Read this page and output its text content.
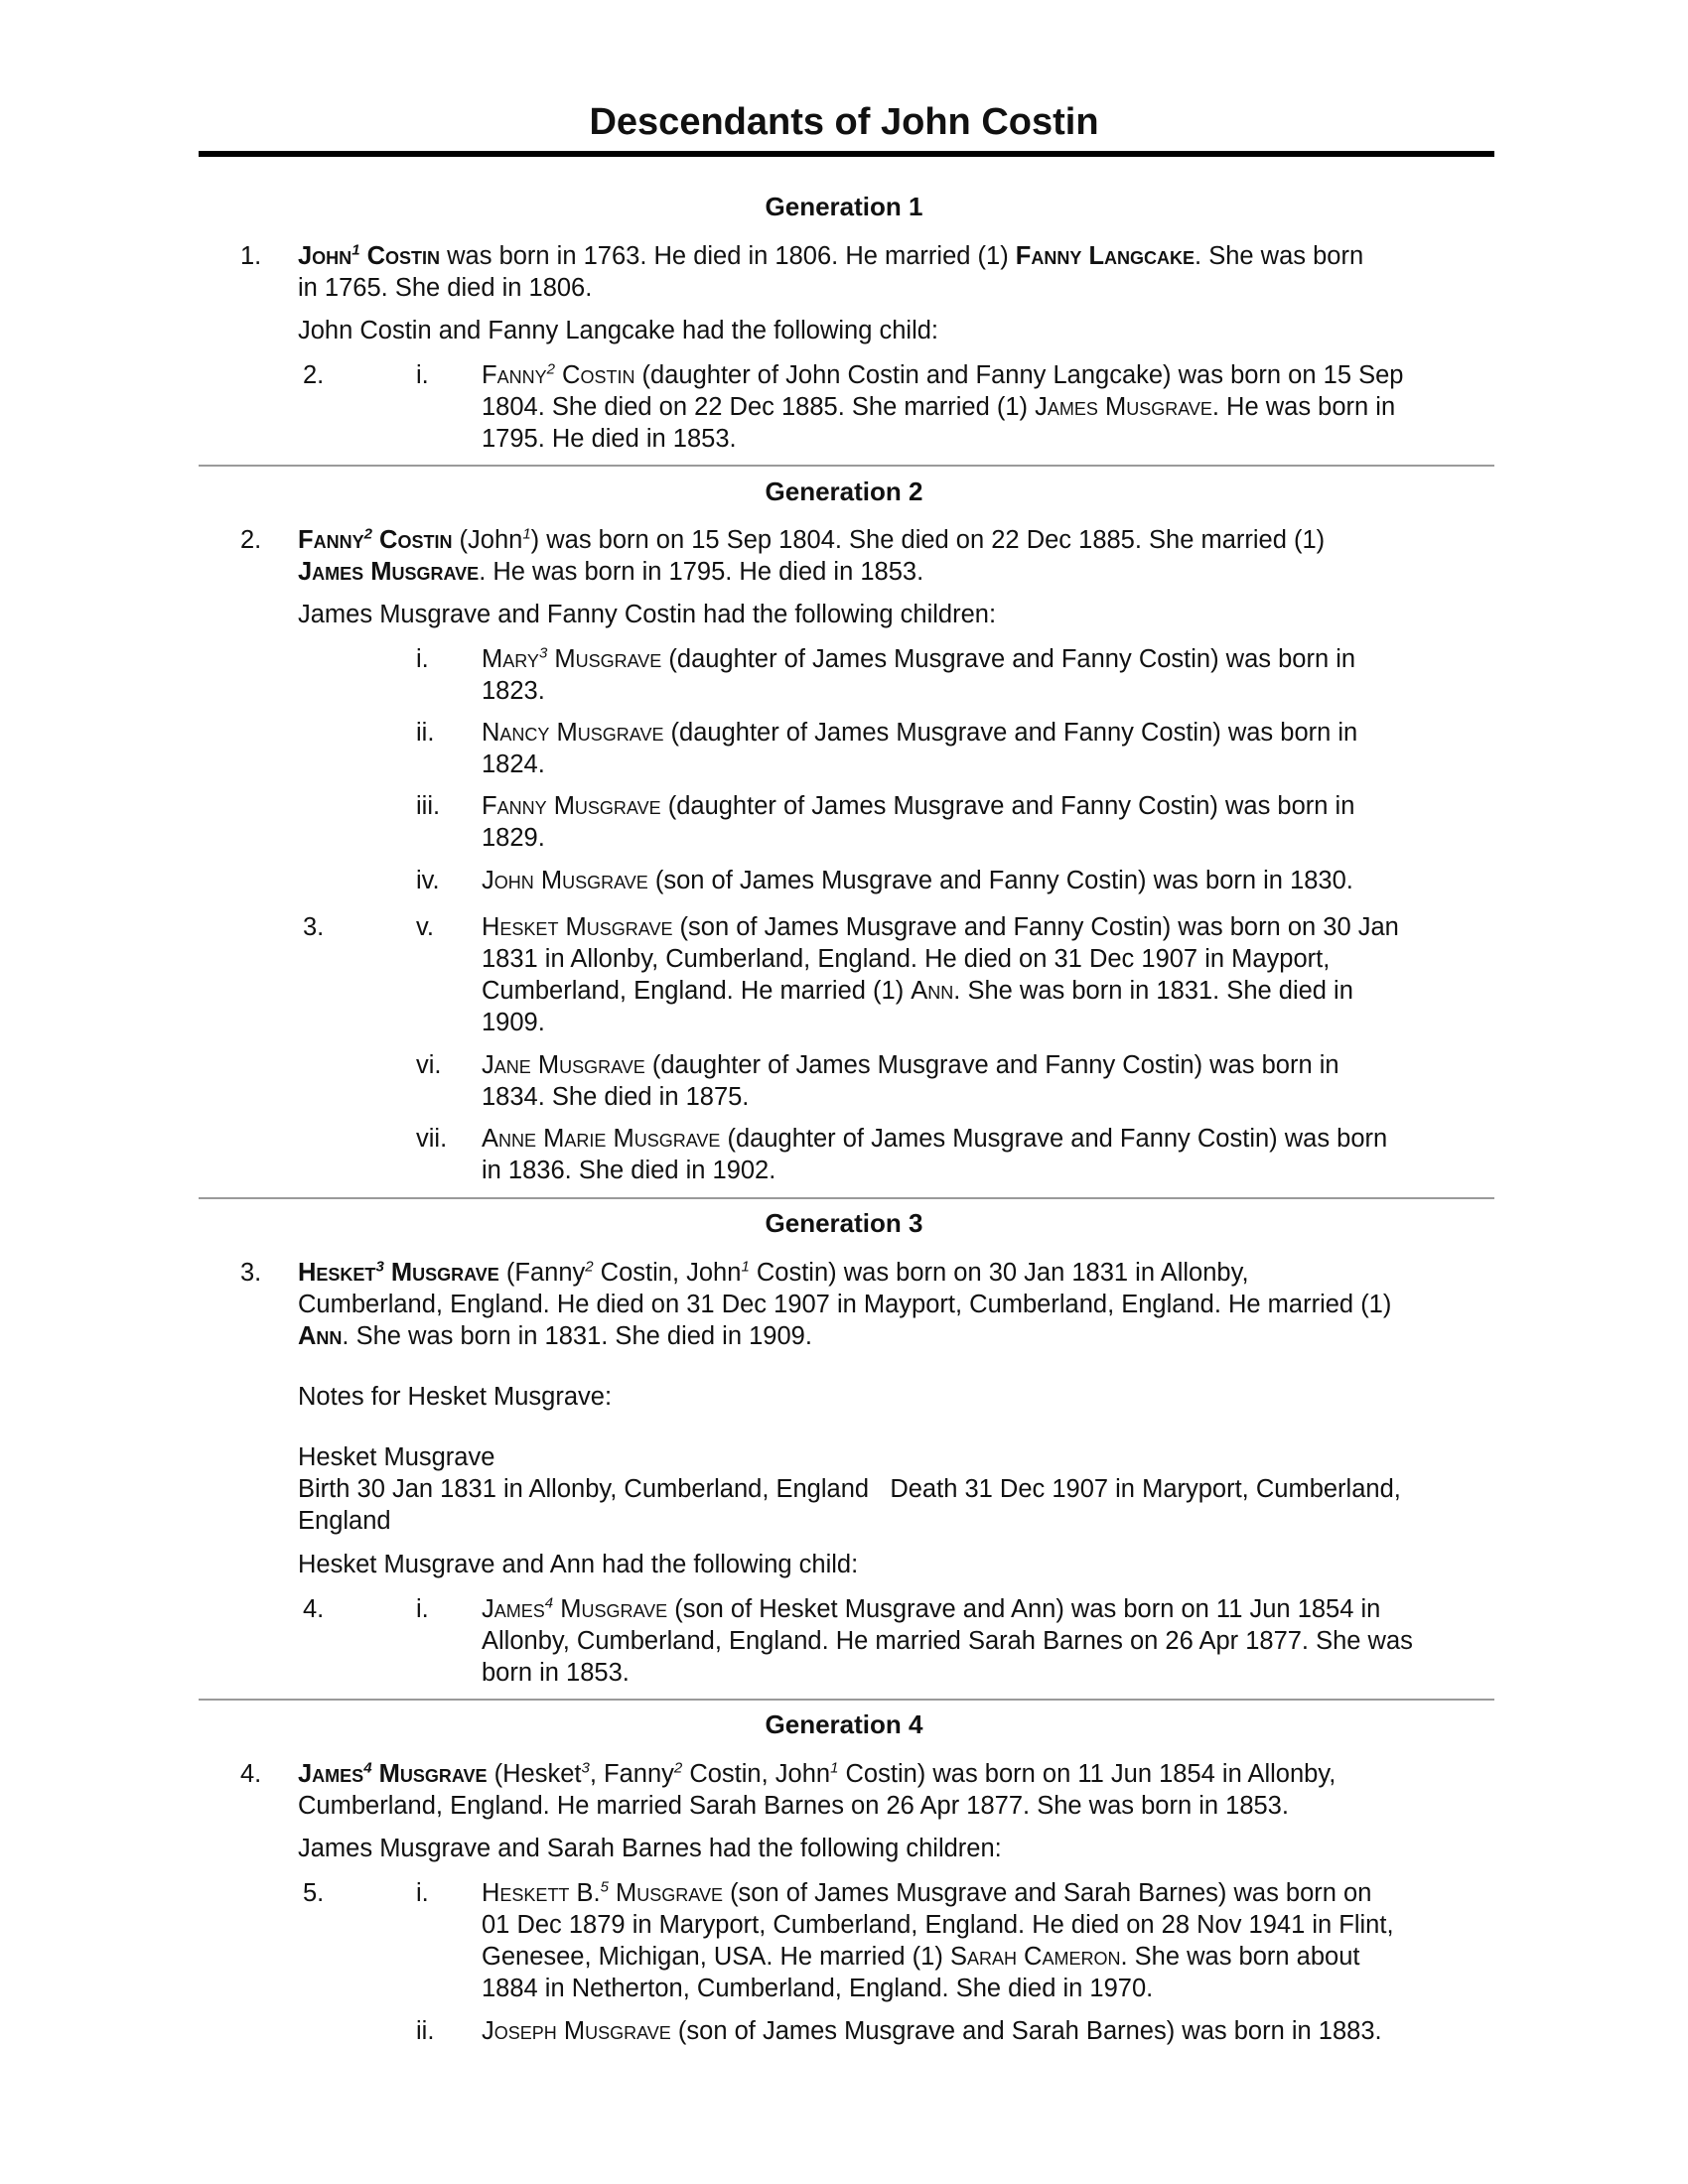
Descendants of John Costin
Generation 1
1. John$^1$ Costin was born in 1763. He died in 1806. He married (1) Fanny Langcake. She was born
in 1765. She died in 1806.
John Costin and Fanny Langcake had the following child:
2.	i. Fanny$^2$ Costin (daughter of John Costin and Fanny Langcake) was born on 15 Sep
1804. She died on 22 Dec 1885. She married (1) James Musgrave. He was born in
1795. He died in 1853.
Generation 2
2. Fanny$^2$ Costin (John$^1$) was born on 15 Sep 1804. She died on 22 Dec 1885. She married (1)
James Musgrave. He was born in 1795. He died in 1853.
James Musgrave and Fanny Costin had the following children:
i. Mary$^3$ Musgrave (daughter of James Musgrave and Fanny Costin) was born in
1823.
ii. Nancy Musgrave (daughter of James Musgrave and Fanny Costin) was born in
1824.
iii. Fanny Musgrave (daughter of James Musgrave and Fanny Costin) was born in
1829.
iv. John Musgrave (son of James Musgrave and Fanny Costin) was born in 1830.
3.	v. Hesket Musgrave (son of James Musgrave and Fanny Costin) was born on 30 Jan
1831 in Allonby, Cumberland, England. He died on 31 Dec 1907 in Mayport,
Cumberland, England. He married (1) Ann. She was born in 1831. She died in
1909.
vi. Jane Musgrave (daughter of James Musgrave and Fanny Costin) was born in
1834. She died in 1875.
vii. Anne Marie Musgrave (daughter of James Musgrave and Fanny Costin) was born
in 1836. She died in 1902.
Generation 3
3. Hesket$^3$ Musgrave (Fanny$^2$ Costin, John$^1$ Costin) was born on 30 Jan 1831 in Allonby,
Cumberland, England. He died on 31 Dec 1907 in Mayport, Cumberland, England. He married (1)
Ann. She was born in 1831. She died in 1909.
Notes for Hesket Musgrave:
Hesket Musgrave
Birth 30 Jan 1831 in Allonby, Cumberland, England   Death 31 Dec 1907 in Maryport, Cumberland,
England
Hesket Musgrave and Ann had the following child:
4.	i. James$^4$ Musgrave (son of Hesket Musgrave and Ann) was born on 11 Jun 1854 in
Allonby, Cumberland, England. He married Sarah Barnes on 26 Apr 1877. She was
born in 1853.
Generation 4
4. James$^4$ Musgrave (Hesket$^3$, Fanny$^2$ Costin, John$^1$ Costin) was born on 11 Jun 1854 in Allonby,
Cumberland, England. He married Sarah Barnes on 26 Apr 1877. She was born in 1853.
James Musgrave and Sarah Barnes had the following children:
5.	i. Heskett B.$^5$ Musgrave (son of James Musgrave and Sarah Barnes) was born on
01 Dec 1879 in Maryport, Cumberland, England. He died on 28 Nov 1941 in Flint,
Genesee, Michigan, USA. He married (1) Sarah Cameron. She was born about
1884 in Netherton, Cumberland, England. She died in 1970.
ii. Joseph Musgrave (son of James Musgrave and Sarah Barnes) was born in 1883.
